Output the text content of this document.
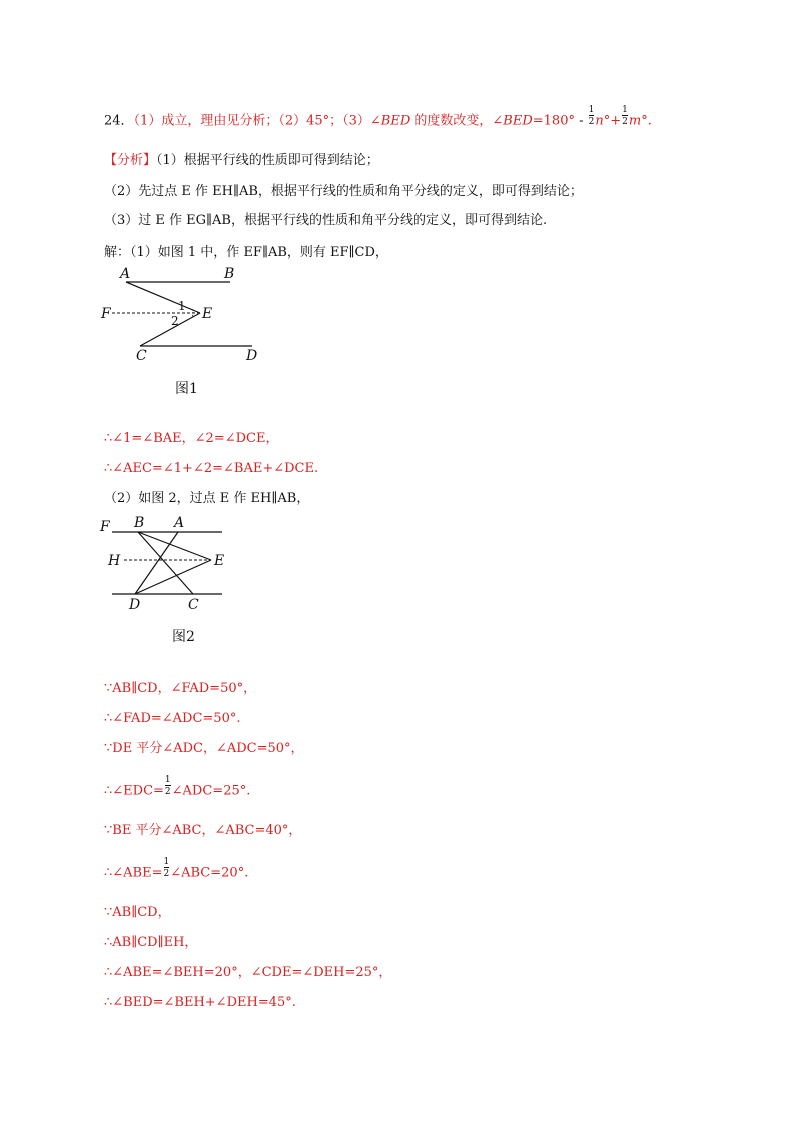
24．（1）成立，理由见分析；（2）45°；（3）∠BED 的度数改变，∠BED=180° - $\frac{1}{2} n^\circ+ \frac{1}{2} m^\circ$.
【分析】（1）根据平行线的性质即可得到结论；
（2）先过点 E 作 EH∥AB，根据平行线的性质和角平分线的定义，即可得到结论；
（3）过 E 作 EG∥AB，根据平行线的性质和角平分线的定义，即可得到结论.
解：（1）如图 1 中，作 EF∥AB，则有 EF∥CD，
A	B
F	E
C	D
1
2
图1
∴∠1=∠BAE，∠2=∠DCE，
∴∠AEC=∠1+∠2=∠BAE+∠DCE.
（2）如图 2，过点 E 作 EH∥AB，
F B A
H	E
D	C
图2
∵AB∥CD，∠FAD=50°，
∴∠FAD=∠ADC=50°.
∵DE 平分∠ADC，∠ADC=50°，
∴∠EDC= $\frac{1}{2}$ ∠ADC=25°.
∵BE 平分∠ABC，∠ABC=40°，
∴∠ABE= $\frac{1}{2}$ ∠ABC=20°.
∵AB∥CD，
∴AB∥CD∥EH，
∴∠ABE=∠BEH=20°，∠CDE=∠DEH=25°，
∴∠BED=∠BEH+∠DEH=45°.
